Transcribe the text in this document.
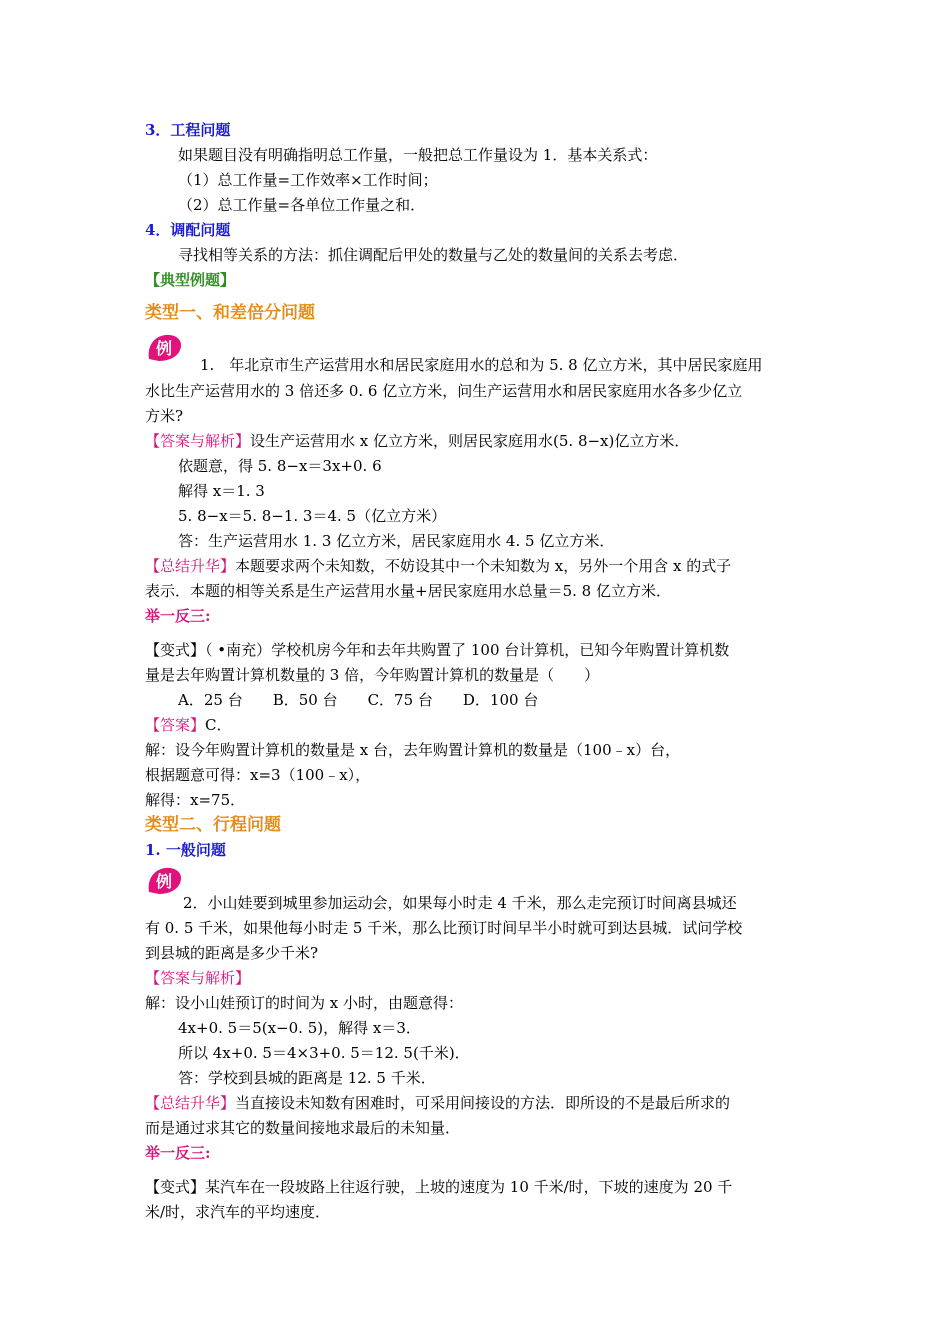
3．工程问题
如果题目没有明确指明总工作量，一般把总工作量设为 1．基本关系式：
（1）总工作量=工作效率×工作时间；
（2）总工作量=各单位工作量之和．
4．调配问题
寻找相等关系的方法：抓住调配后甲处的数量与乙处的数量间的关系去考虑．
【典型例题】
类型一、和差倍分问题
例
1.　年北京市生产运营用水和居民家庭用水的总和为 5. 8 亿立方米，其中居民家庭用
水比生产运营用水的 3 倍还多 0. 6 亿立方米，问生产运营用水和居民家庭用水各多少亿立
方米?
【答案与解析】设生产运营用水 x 亿立方米，则居民家庭用水(5. 8−x)亿立方米．
依题意，得 5. 8−x＝3x+0. 6
解得 x＝1. 3
5. 8−x＝5. 8−1. 3＝4. 5（亿立方米）
答：生产运营用水 1. 3 亿立方米，居民家庭用水 4. 5 亿立方米．
【总结升华】本题要求两个未知数，不妨设其中一个未知数为 x，另外一个用含 x 的式子
表示．本题的相等关系是生产运营用水量+居民家庭用水总量＝5. 8 亿立方米．
举一反三:
【变式】（ •南充）学校机房今年和去年共购置了 100 台计算机，已知今年购置计算机数
量是去年购置计算机数量的 3 倍，今年购置计算机的数量是（　　）
A．25 台　　B．50 台　　C．75 台　　D．100 台
【答案】C．
解：设今年购置计算机的数量是 x 台，去年购置计算机的数量是（100﹣x）台，
根据题意可得：x=3（100﹣x），
解得：x=75．
类型二、行程问题
1. 一般问题
例
2．小山娃要到城里参加运动会，如果每小时走 4 千米，那么走完预订时间离县城还
有 0. 5 千米，如果他每小时走 5 千米，那么比预订时间早半小时就可到达县城．试问学校
到县城的距离是多少千米?
【答案与解析】
解：设小山娃预订的时间为 x 小时，由题意得：
4x+0. 5＝5(x−0. 5)，解得 x＝3．
所以 4x+0. 5＝4×3+0. 5＝12. 5(千米)．
答：学校到县城的距离是 12. 5 千米．
【总结升华】当直接设未知数有困难时，可采用间接设的方法．即所设的不是最后所求的
而是通过求其它的数量间接地求最后的未知量．
举一反三:
【变式】某汽车在一段坡路上往返行驶，上坡的速度为 10 千米/时，下坡的速度为 20 千
米/时，求汽车的平均速度．
